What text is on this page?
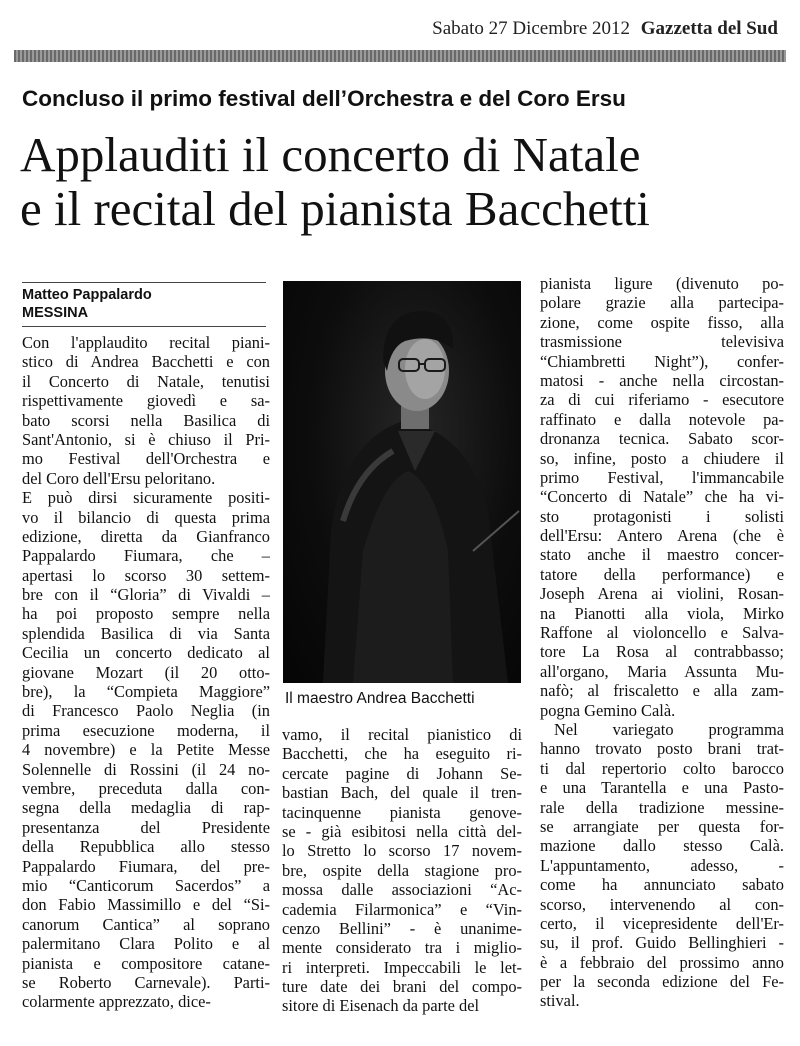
Sabato 27 Dicembre 2012 Gazzetta del Sud
Concluso il primo festival dell’Orchestra e del Coro Ersu
Applauditi il concerto di Natale
e il recital del pianista Bacchetti
Matteo Pappalardo
MESSINA
Con l'applaudito recital piani-
stico di Andrea Bacchetti e con
il Concerto di Natale, tenutisi
rispettivamente giovedì e sa-
bato scorsi nella Basilica di
Sant'Antonio, si è chiuso il Pri-
mo Festival dell'Orchestra e
del Coro dell'Ersu peloritano.
E può dirsi sicuramente positi-
vo il bilancio di questa prima
edizione, diretta da Gianfranco
Pappalardo Fiumara, che –
apertasi lo scorso 30 settem-
bre con il “Gloria” di Vivaldi –
ha poi proposto sempre nella
splendida Basilica di via Santa
Cecilia un concerto dedicato al
giovane Mozart (il 20 otto-
bre), la “Compieta Maggiore”
di Francesco Paolo Neglia (in
prima esecuzione moderna, il
4 novembre) e la Petite Messe
Solennelle di Rossini (il 24 no-
vembre, preceduta dalla con-
segna della medaglia di rap-
presentanza del Presidente
della Repubblica allo stesso
Pappalardo Fiumara, del pre-
mio “Canticorum Sacerdos” a
don Fabio Massimillo e del “Si-
canorum Cantica” al soprano
palermitano Clara Polito e al
pianista e compositore catane-
se Roberto Carnevale). Parti-
colarmente apprezzato, dice-
vamo, il recital pianistico di
Bacchetti, che ha eseguito ri-
cercate pagine di Johann Se-
bastian Bach, del quale il tren-
tacinquenne pianista genove-
se - già esibitosi nella città del-
lo Stretto lo scorso 17 novem-
bre, ospite della stagione pro-
mossa dalle associazioni “Ac-
cademia Filarmonica” e “Vin-
cenzo Bellini” - è unanime-
mente considerato tra i miglio-
ri interpreti. Impeccabili le let-
ture date dei brani del compo-
sitore di Eisenach da parte del
pianista ligure (divenuto po-
polare grazie alla partecipa-
zione, come ospite fisso, alla
trasmissione televisiva
“Chiambretti Night”), confer-
matosi - anche nella circostan-
za di cui riferiamo - esecutore
raffinato e dalla notevole pa-
dronanza tecnica. Sabato scor-
so, infine, posto a chiudere il
primo Festival, l'immancabile
“Concerto di Natale” che ha vi-
sto protagonisti i solisti
dell'Ersu: Antero Arena (che è
stato anche il maestro concer-
tatore della performance) e
Joseph Arena ai violini, Rosan-
na Pianotti alla viola, Mirko
Raffone al violoncello e Salva-
tore La Rosa al contrabbasso;
all'organo, Maria Assunta Mu-
nafò; al friscaletto e alla zam-
pogna Gemino Calà.
Nel variegato programma
hanno trovato posto brani trat-
ti dal repertorio colto barocco
e una Tarantella e una Pasto-
rale della tradizione messine-
se arrangiate per questa for-
mazione dallo stesso Calà.
L'appuntamento, adesso, -
come ha annunciato sabato
scorso, intervenendo al con-
certo, il vicepresidente dell'Er-
su, il prof. Guido Bellinghieri -
è a febbraio del prossimo anno
per la seconda edizione del Fe-
stival.
Il maestro Andrea Bacchetti
